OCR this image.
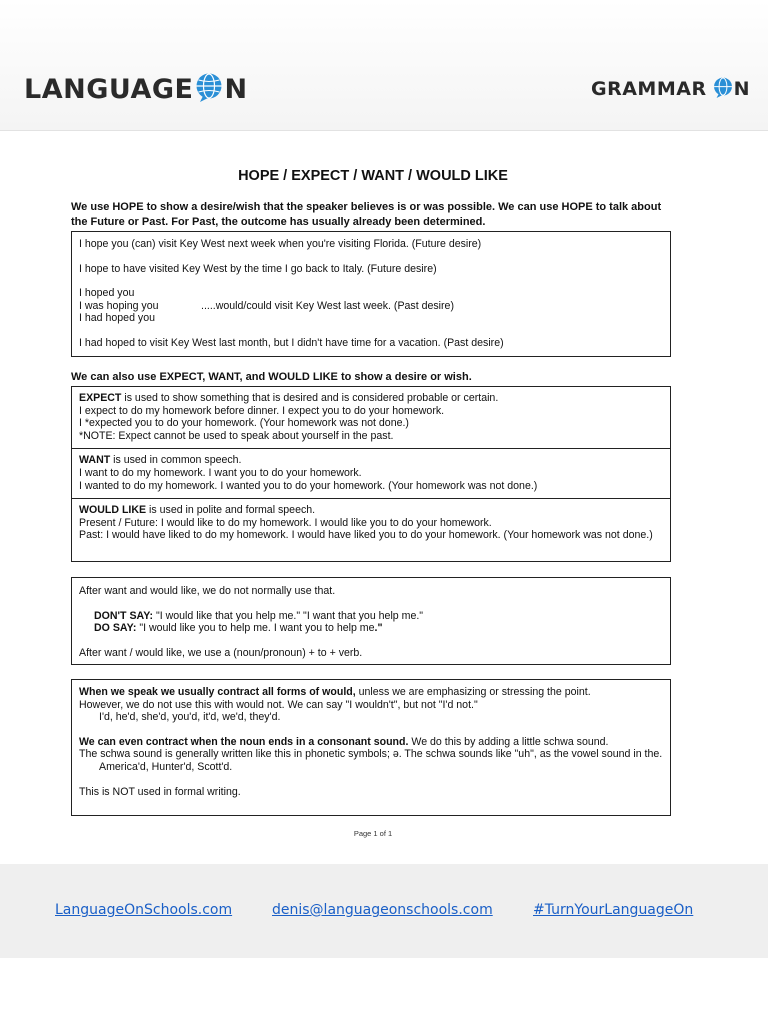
LANGUAGE N	GRAMMAR N
HOPE / EXPECT / WANT / WOULD LIKE
We use HOPE to show a desire/wish that the speaker believes is or was possible. We can use HOPE to talk about the Future or Past. For Past, the outcome has usually already been determined.

I hope you (can) visit Key West next week when you're visiting Florida. (Future desire)

I hope to have visited Key West by the time I go back to Italy. (Future desire)

I hoped you

I was hoping you	.....would/could visit Key West last week. (Past desire)

I had hoped you

I had hoped to visit Key West last month, but I didn't have time for a vacation. (Past desire)

We can also use EXPECT, WANT, and WOULD LIKE to show a desire or wish.

EXPECT is used to show something that is desired and is considered probable or certain.

I expect to do my homework before dinner. I expect you to do your homework.

I *expected you to do your homework. (Your homework was not done.)

*NOTE: Expect cannot be used to speak about yourself in the past.

WANT is used in common speech.

I want to do my homework. I want you to do your homework.

I wanted to do my homework. I wanted you to do your homework. (Your homework was not done.)

WOULD LIKE is used in polite and formal speech.

Present / Future: I would like to do my homework. I would like you to do your homework.

Past: I would have liked to do my homework. I would have liked you to do your homework. (Your homework was not done.)

After want and would like, we do not normally use that.

DON'T SAY: "I would like that you help me." "I want that you help me."

DO SAY: "I would like you to help me. I want you to help me."

After want / would like, we use a (noun/pronoun) + to + verb.

When we speak we usually contract all forms of would, unless we are emphasizing or stressing the point.

However, we do not use this with would not. We can say "I wouldn't", but not "I'd not."

I'd, he'd, she'd, you'd, it'd, we'd, they'd.

We can even contract when the noun ends in a consonant sound. We do this by adding a little schwa sound.

The schwa sound is generally written like this in phonetic symbols; ə. The schwa sounds like "uh", as the vowel sound in the.

America'd, Hunter'd, Scott'd.

This is NOT used in formal writing.

Page 1 of 1
LanguageOnSchools.com	denis@languageonschools.com	#TurnYourLanguageOn
